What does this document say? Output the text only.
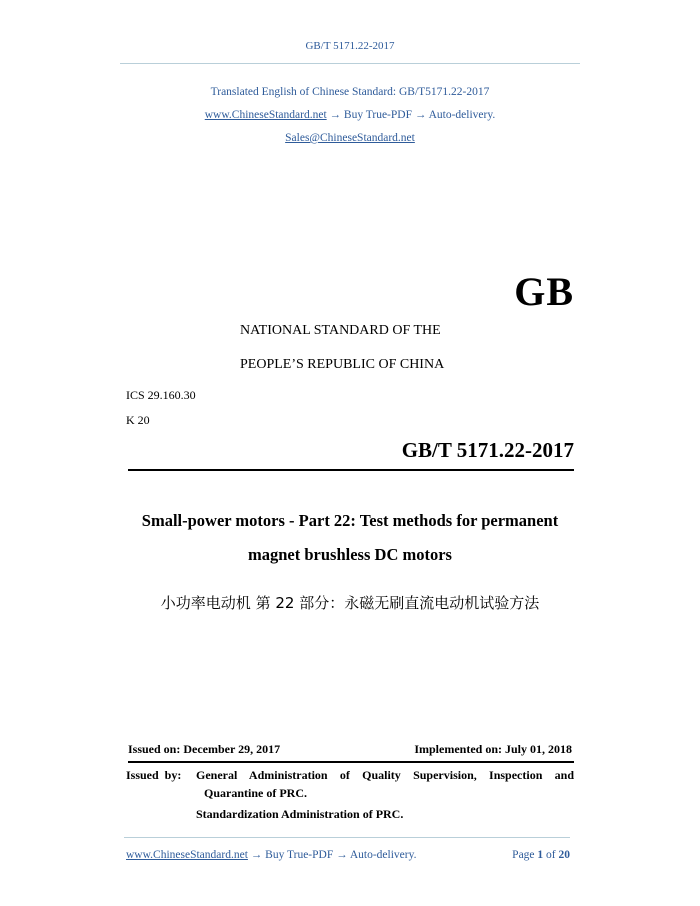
GB/T 5171.22-2017
Translated English of Chinese Standard: GB/T5171.22-2017
www.ChineseStandard.net → Buy True-PDF → Auto-delivery.
Sales@ChineseStandard.net
GB
NATIONAL STANDARD OF THE
PEOPLE’S REPUBLIC OF CHINA
ICS 29.160.30
K 20
GB/T 5171.22-2017
Small-power motors - Part 22: Test methods for permanent
magnet brushless DC motors
小功率电动机 第 22 部分：永磁无刷直流电动机试验方法
Issued on: December 29, 2017	Implemented on: July 01, 2018
Issued by: General Administration of Quality Supervision, Inspection and
Quarantine of PRC.
Standardization Administration of PRC.
www.ChineseStandard.net → Buy True-PDF → Auto-delivery.	Page 1 of 20
